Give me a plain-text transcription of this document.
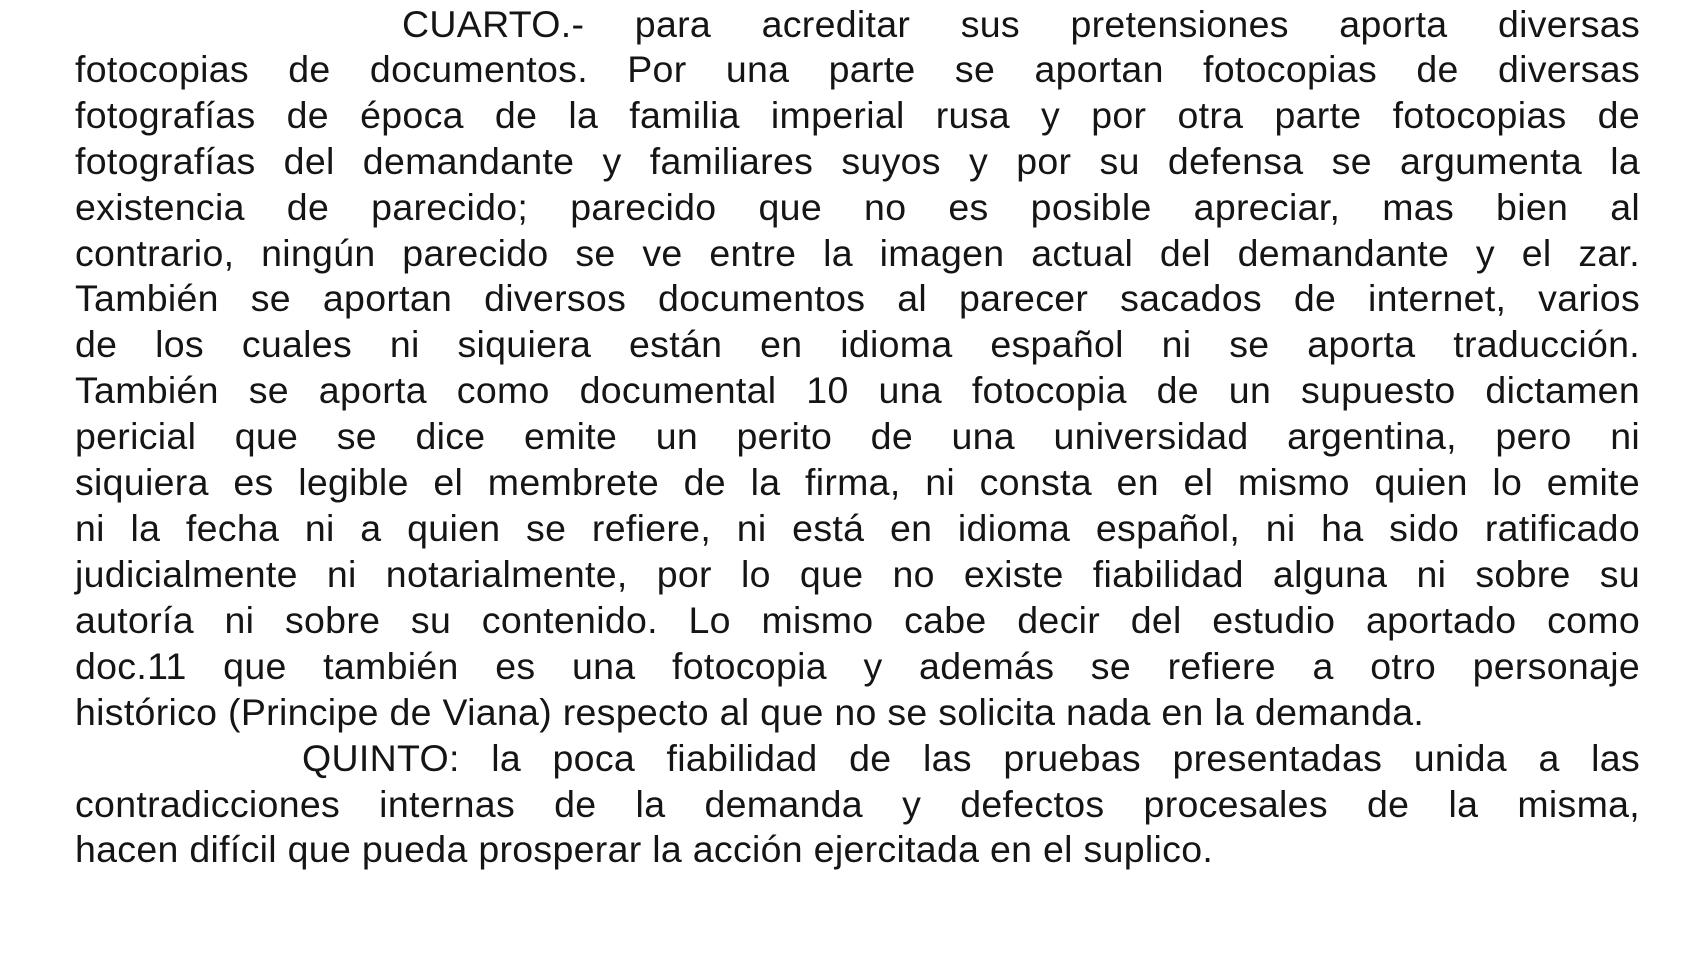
CUARTO.- para acreditar sus pretensiones aporta diversas

fotocopias de documentos. Por una parte se aportan fotocopias de diversas

fotografías de época de la familia imperial rusa y por otra parte fotocopias de

fotografías del demandante y familiares suyos y por su defensa se argumenta la

existencia de parecido; parecido que no es posible apreciar, mas bien al

contrario, ningún parecido se ve entre la imagen actual del demandante y el zar.

También se aportan diversos documentos al parecer sacados de internet, varios

de los cuales ni siquiera están en idioma español ni se aporta traducción.

También se aporta como documental 10 una fotocopia de un supuesto dictamen

pericial que se dice emite un perito de una universidad argentina, pero ni

siquiera es legible el membrete de la firma, ni consta en el mismo quien lo emite

ni la fecha ni a quien se refiere, ni está en idioma español, ni ha sido ratificado

judicialmente ni notarialmente, por lo que no existe fiabilidad alguna ni sobre su

autoría ni sobre su contenido. Lo mismo cabe decir del estudio aportado como

doc.11 que también es una fotocopia y además se refiere a otro personaje

histórico (Principe de Viana) respecto al que no se solicita nada en la demanda.

QUINTO: la poca fiabilidad de las pruebas presentadas unida a las

contradicciones internas de la demanda y defectos procesales de la misma,

hacen difícil que pueda prosperar la acción ejercitada en el suplico.
